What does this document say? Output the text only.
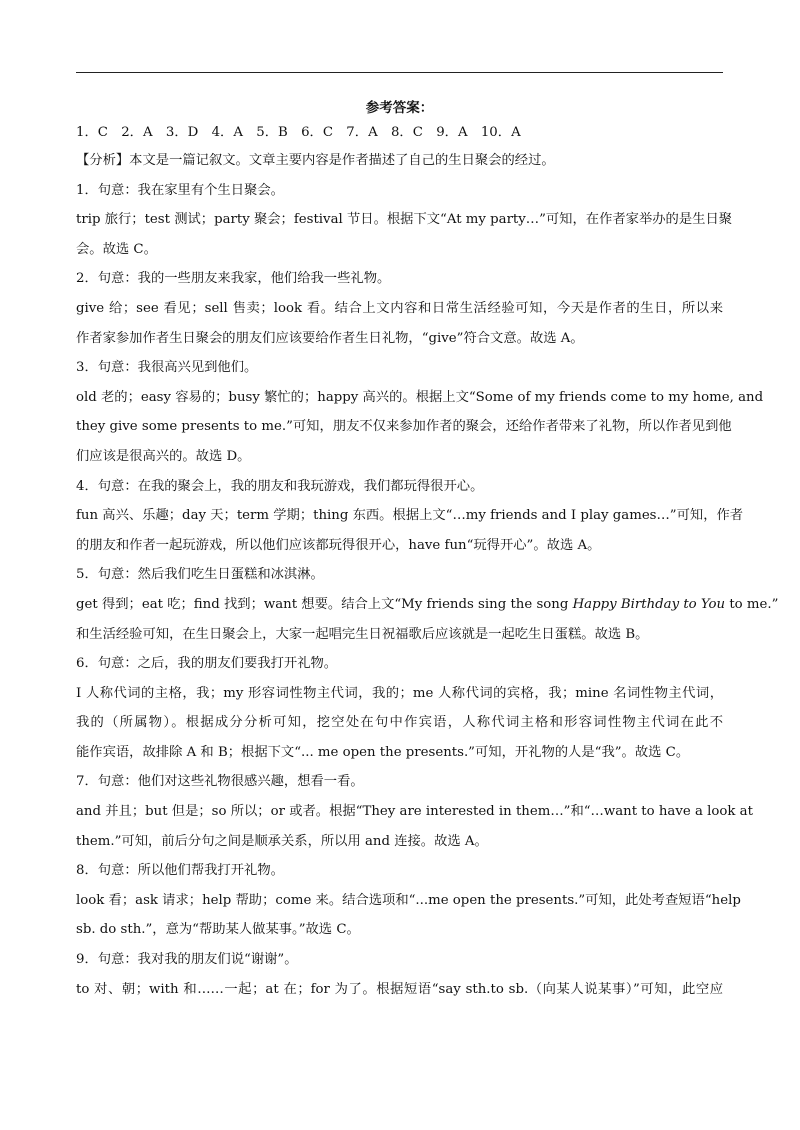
参考答案：

1．C　2．A　3．D　4．A　5．B　6．C　7．A　8．C　9．A　10．A

【分析】本文是一篇记叙文。文章主要内容是作者描述了自己的生日聚会的经过。

1．句意：我在家里有个生日聚会。

trip 旅行；test 测试；party 聚会；festival 节日。根据下文“At my party…”可知，在作者家举办的是生日聚

会。故选 C。

2．句意：我的一些朋友来我家，他们给我一些礼物。

give 给；see 看见；sell 售卖；look 看。结合上文内容和日常生活经验可知，今天是作者的生日，所以来

作者家参加作者生日聚会的朋友们应该要给作者生日礼物，“give”符合文意。故选 A。

3．句意：我很高兴见到他们。

old 老的；easy 容易的；busy 繁忙的；happy 高兴的。根据上文“Some of my friends come to my home, and

they give some presents to me.”可知，朋友不仅来参加作者的聚会，还给作者带来了礼物，所以作者见到他

们应该是很高兴的。故选 D。

4．句意：在我的聚会上，我的朋友和我玩游戏，我们都玩得很开心。

fun 高兴、乐趣；day 天；term 学期；thing 东西。根据上文“…my friends and I play games…”可知，作者

的朋友和作者一起玩游戏，所以他们应该都玩得很开心，have fun“玩得开心”。故选 A。

5．句意：然后我们吃生日蛋糕和冰淇淋。

get 得到；eat 吃；find 找到；want 想要。结合上文“My friends sing the song Happy Birthday to You to me.”

和生活经验可知，在生日聚会上，大家一起唱完生日祝福歌后应该就是一起吃生日蛋糕。故选 B。

6．句意：之后，我的朋友们要我打开礼物。

I 人称代词的主格，我；my 形容词性物主代词，我的；me 人称代词的宾格，我；mine 名词性物主代词，

我的（所属物）。根据成分分析可知，挖空处在句中作宾语，人称代词主格和形容词性物主代词在此不

能作宾语，故排除 A 和 B；根据下文“... me open the presents.”可知，开礼物的人是“我”。故选 C。

7．句意：他们对这些礼物很感兴趣，想看一看。

and 并且；but 但是；so 所以；or 或者。根据“They are interested in them…”和“…want to have a look at

them.”可知，前后分句之间是顺承关系，所以用 and 连接。故选 A。

8．句意：所以他们帮我打开礼物。

look 看；ask 请求；help 帮助；come 来。结合选项和“...me open the presents.”可知，此处考查短语“help

sb. do sth.”，意为“帮助某人做某事。”故选 C。

9．句意：我对我的朋友们说“谢谢”。

to 对、朝；with 和……一起；at 在；for 为了。根据短语“say sth.to sb.（向某人说某事）”可知，此空应
